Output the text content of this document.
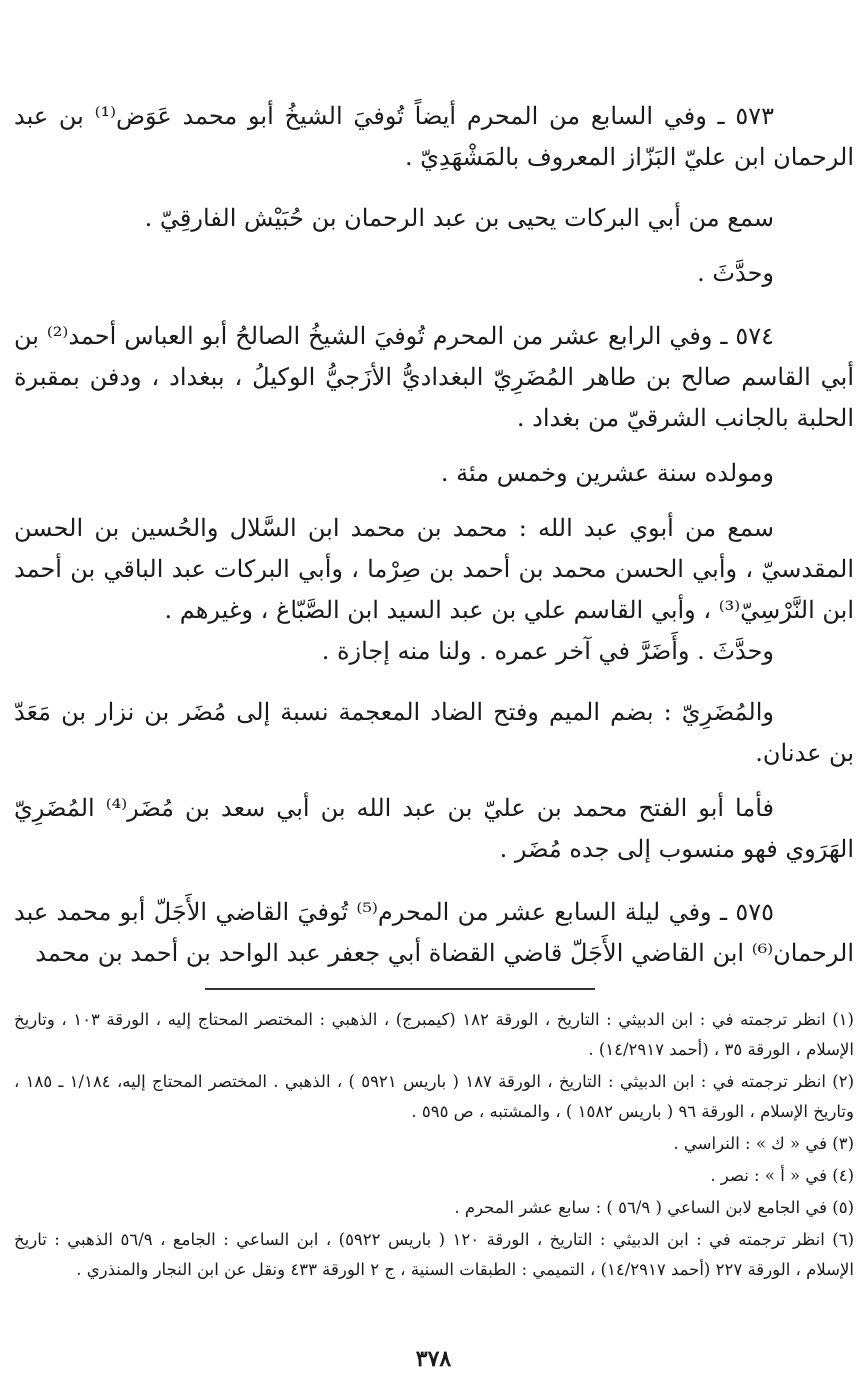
٥٧٣ ـ وفي السابع من المحرم أيضاً تُوفيَ الشيخُ أبو محمد عَوَض⁽¹⁾ بن عبد الرحمان ابن عليّ البَزّاز المعروف بالمَشْهَدِيّ .

سمع من أبي البركات يحيى بن عبد الرحمان بن حُبَيْش الفارقِيّ .

وحدَّثَ .

٥٧٤ ـ وفي الرابع عشر من المحرم تُوفيَ الشيخُ الصالحُ أبو العباس أحمد⁽²⁾ بن أبي القاسم صالح بن طاهر المُضَرِيّ البغداديُّ الأزَجيُّ الوكيلُ ، ببغداد ، ودفن بمقبرة الحلبة بالجانب الشرقيّ من بغداد .

ومولده سنة عشرين وخمس مئة .

سمع من أبوي عبد الله : محمد بن محمد ابن السَّلال والحُسين بن الحسن المقدسيّ ، وأبي الحسن محمد بن أحمد بن صِرْما ، وأبي البركات عبد الباقي بن أحمد ابن النَّرْسِيّ⁽³⁾ ، وأبي القاسم علي بن عبد السيد ابن الصَّبّاغ ، وغيرهم .

وحدَّثَ . وأَضَرَّ في آخر عمره . ولنا منه إجازة .

والمُضَرِيّ : بضم الميم وفتح الضاد المعجمة نسبة إلى مُضَر بن نزار بن مَعَدّ بن عدنان.

فأما أبو الفتح محمد بن عليّ بن عبد الله بن أبي سعد بن مُضَر⁽⁴⁾ المُضَرِيّ الهَرَوي فهو منسوب إلى جده مُضَر .

٥٧٥ ـ وفي ليلة السابع عشر من المحرم⁽⁵⁾ تُوفيَ القاضي الأَجَلّ أبو محمد عبد الرحمان⁽⁶⁾ ابن القاضي الأَجَلّ قاضي القضاة أبي جعفر عبد الواحد بن أحمد بن محمد

(١) انظر ترجمته في : ابن الدبيثي : التاريخ ، الورقة ١٨٢ (كيمبرج) ، الذهبي : المختصر المحتاج إليه ، الورقة ١٠٣ ، وتاريخ الإسلام ، الورقة ٣٥ ، (أحمد ١٤/٢٩١٧) .

(٢) انظر ترجمته في : ابن الدبيثي : التاريخ ، الورقة ١٨٧ ( باريس ٥٩٢١ ) ، الذهبي . المختصر المحتاج إليه، ١/١٨٤ ـ ١٨٥ ، وتاريخ الإسلام ، الورقة ٩٦ ( باريس ١٥٨٢ ) ، والمشتبه ، ص ٥٩٥ .

(٣) في « ك » : النراسي .

(٤) في « أ » : نصر .

(٥) في الجامع لابن الساعي ( ٥٦/٩ ) : سابع عشر المحرم .

(٦) انظر ترجمته في : ابن الدبيثي : التاريخ ، الورقة ١٢٠ ( باريس ٥٩٢٢) ، ابن الساعي : الجامع ، ٥٦/٩ الذهبي : تاريخ الإسلام ، الورقة ٢٢٧ (أحمد ١٤/٢٩١٧) ، التميمي : الطبقات السنية ، ج ٢ الورقة ٤٣٣ ونقل عن ابن النجار والمنذري .

٣٧٨
